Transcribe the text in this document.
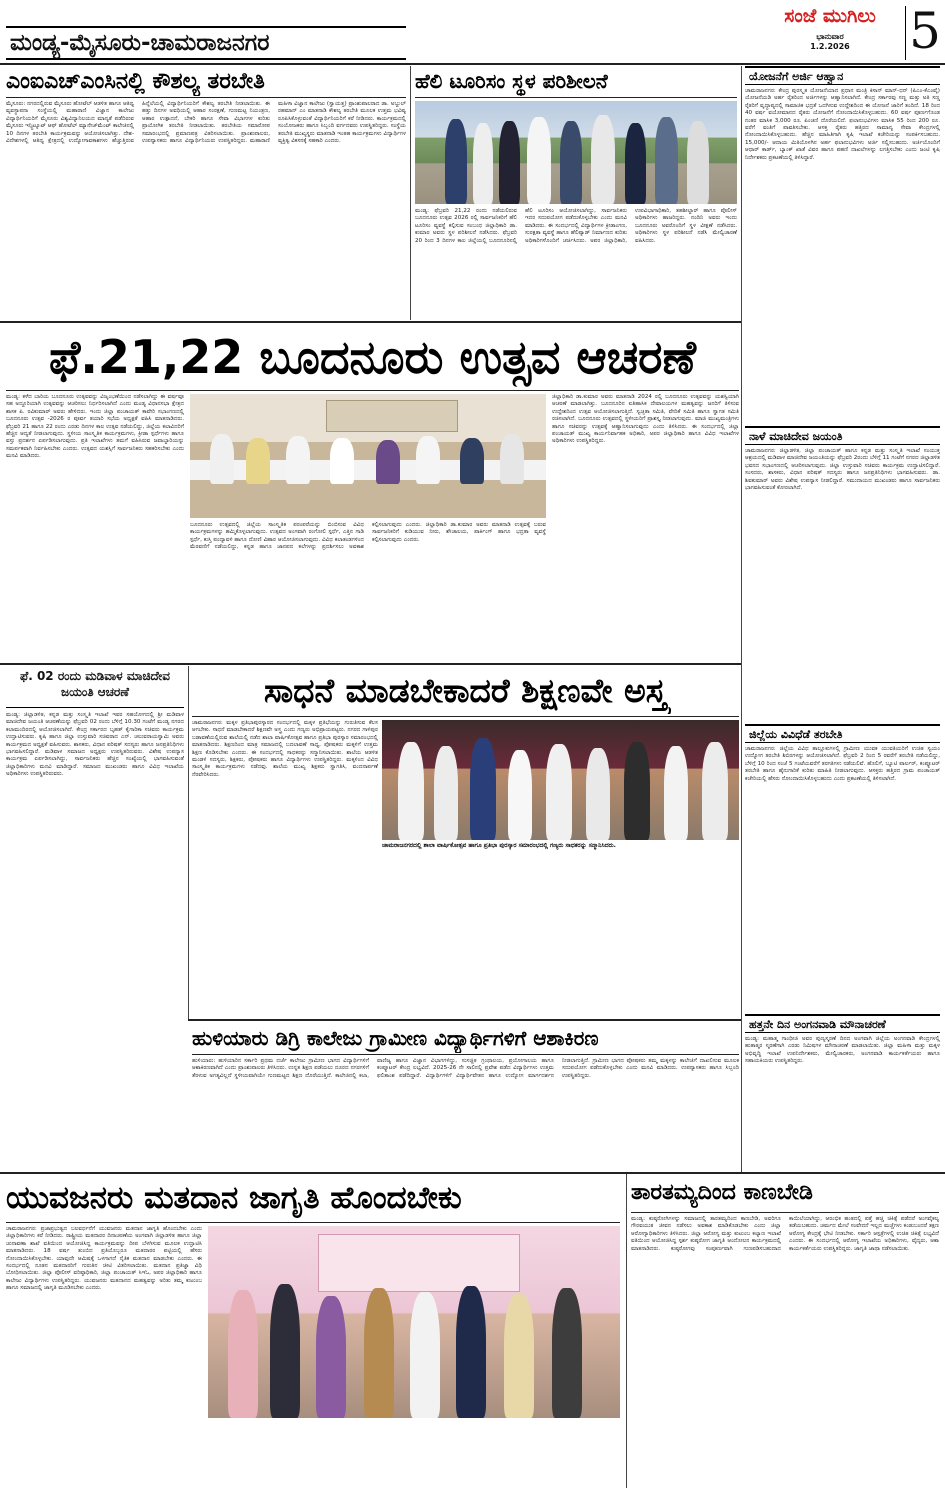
ಮಂಡ್ಯ-ಮೈಸೂರು-ಚಾಮರಾಜನಗರ
ಸಂಜೆ ಮುಗಿಲು
ಭಾನುವಾರ
1.2.2026	5
ಎಂಐಎಚ್ಎಂಸಿನಲ್ಲಿ ಕೌಶಲ್ಯ ತರಬೇತಿ
ಮೈಸೂರು: ನಗರದಲ್ಲಿರುವ ಮೈಸೂರು ಹೋಟೆಲ್ ಆಡಳಿತ ಹಾಗೂ ಆತಿಥ್ಯ ವ್ಯವಸ್ಥಾಪನಾ ಸಂಸ್ಥೆಯಲ್ಲಿ ಮಹಾರಾಣಿ ವಿಜ್ಞಾನ ಕಾಲೇಜು ವಿದ್ಯಾರ್ಥಿನಿಯರಿಗೆ ಮೈಸೂರು ವಿಶ್ವವಿದ್ಯಾನಿಲಯದ ಮಾನ್ಯತೆ ಪಡೆದಿರುವ ಮೈಸೂರು ಇನ್ಸ್ಟಿಟ್ಯೂಟ್ ಆಫ್ ಹೋಟೆಲ್ ಮ್ಯಾನೇಜ್‌ಮೆಂಟ್ ಕಾಲೇಜಿನಲ್ಲಿ 10 ದಿನಗಳ ತರಬೇತಿ ಕಾರ್ಯಕ್ರಮವನ್ನು ಆಯೋಜಿಸಲಾಗಿತ್ತು. ದೇಶ-ವಿದೇಶಗಳಲ್ಲಿ ಆತಿಥ್ಯ ಕ್ಷೇತ್ರದಲ್ಲಿ ಉದ್ಯೋಗಾವಕಾಶಗಳು ಹೆಚ್ಚುತ್ತಿರುವ ಹಿನ್ನೆಲೆಯಲ್ಲಿ ವಿದ್ಯಾರ್ಥಿನಿಯರಿಗೆ ಕೌಶಲ್ಯ ತರಬೇತಿ ನೀಡಲಾಯಿತು. ಈ ಹತ್ತು ದಿನಗಳ ಅವಧಿಯಲ್ಲಿ ಆಹಾರ ಸಂರಕ್ಷಣೆ, ಗುಣಮಟ್ಟ ನಿಯಂತ್ರಣ, ಆಹಾರ ಉತ್ಪಾದನೆ, ಬೇಕರಿ ಹಾಗೂ ಸೇವಾ ವಿಭಾಗಗಳ ಕುರಿತು ಪ್ರಾಯೋಗಿಕ ತರಬೇತಿ ನೀಡಲಾಯಿತು. ತರಬೇತಿಯ ಸಮಾರೋಪ ಸಮಾರಂಭದಲ್ಲಿ ಪ್ರಮಾಣಪತ್ರ ವಿತರಿಸಲಾಯಿತು. ಪ್ರಾಂಶುಪಾಲರು, ಉಪನ್ಯಾಸಕರು ಹಾಗೂ ವಿದ್ಯಾರ್ಥಿನಿಯರು ಉಪಸ್ಥಿತರಿದ್ದರು. ಮಹಾರಾಣಿ ಮಹಿಳಾ ವಿಜ್ಞಾನ ಕಾಲೇಜು (ಸ್ವಾಯತ್ತ) ಪ್ರಾಂಶುಪಾಲರಾದ ಡಾ. ಅಬ್ದುಲ್ ರಹಮಾನ್ ಎಂ ಮಾತನಾಡಿ ಕೌಶಲ್ಯ ತರಬೇತಿ ಮೂಲಕ ಉತ್ತಮ ಭವಿಷ್ಯ ರೂಪಿಸಿಕೊಳ್ಳುವಂತೆ ವಿದ್ಯಾರ್ಥಿನಿಯರಿಗೆ ಕರೆ ನೀಡಿದರು. ಕಾರ್ಯಕ್ರಮದಲ್ಲಿ ಸಂಯೋಜಕರು ಹಾಗೂ ಸಿಬ್ಬಂದಿ ವರ್ಗದವರು ಉಪಸ್ಥಿತರಿದ್ದರು. ಸಂಸ್ಥೆಯ ತರಬೇತಿ ಮುಖ್ಯಸ್ಥರು ಮಾತನಾಡಿ ಇಂತಹ ಕಾರ್ಯಕ್ರಮಗಳು ವಿದ್ಯಾರ್ಥಿಗಳ ವ್ಯಕ್ತಿತ್ವ ವಿಕಸನಕ್ಕೆ ಸಹಕಾರಿ ಎಂದರು.
ಹೆಲಿ ಟೂರಿಸಂ ಸ್ಥಳ ಪರಿಶೀಲನೆ
ಮಂಡ್ಯ: ಫೆಬ್ರವರಿ 21,22 ರಂದು ನಡೆಯಲಿರುವ ಬೂದನೂರು ಉತ್ಸವ 2026 ರಲ್ಲಿ ಸಾರ್ವಜನಿಕರಿಗೆ ಹೆಲಿ ಟೂರಿಸಂ ವ್ಯವಸ್ಥೆ ಕಲ್ಪಿಸುವ ಸಂಬಂಧ ಜಿಲ್ಲಾಧಿಕಾರಿ ಡಾ. ಕುಮಾರ ಅವರು ಸ್ಥಳ ಪರಿಶೀಲನೆ ನಡೆಸಿದರು. ಫೆಬ್ರವರಿ 20 ರಿಂದ 3 ದಿನಗಳ ಕಾಲ ಜಿಲ್ಲೆಯಲ್ಲಿ ಬೂದನೂರಿನಲ್ಲಿ ಹೆಲಿ ಟೂರಿಸಂ ಆಯೋಜಿಸಲಾಗಿದ್ದು, ಸಾರ್ವಜನಿಕರು ಇದರ ಸದುಪಯೋಗ ಪಡೆದುಕೊಳ್ಳಬೇಕು ಎಂದು ಮನವಿ ಮಾಡಿದರು. ಈ ಸಂದರ್ಭದಲ್ಲಿ ವಿದ್ಯಾರ್ಥಿಗಳ ಕ್ರೀಡಾಂಗಣ, ಸುರಕ್ಷತಾ ವ್ಯವಸ್ಥೆ ಹಾಗೂ ಹೆಲಿಪ್ಯಾಡ್ ನಿರ್ಮಾಣದ ಕುರಿತು ಅಧಿಕಾರಿಗಳೊಂದಿಗೆ ಚರ್ಚಿಸಿದರು. ಅಪರ ಜಿಲ್ಲಾಧಿಕಾರಿ, ಉಪವಿಭಾಗಾಧಿಕಾರಿ, ತಹಶೀಲ್ದಾರ್ ಹಾಗೂ ಪೊಲೀಸ್ ಅಧಿಕಾರಿಗಳು ಹಾಜರಿದ್ದರು. ನಂದಿನಿ ಅವರು ಇಂದು ಬೂದನೂರು ಅವರೊಂದಿಗೆ ಸ್ಥಳ ವೀಕ್ಷಣೆ ನಡೆಸಿದರು. ಅಧಿಕಾರಿಗಳು ಸ್ಥಳ ಪರಿಶೀಲನೆ ನಡೆಸಿ ಮೇಲ್ವಿಚಾರಣೆ ವಹಿಸಿದರು.
ಯೋಜನೆಗೆ ಅರ್ಜಿ ಆಹ್ವಾನ
ಚಾಮರಾಜನಗರ: ಕೇಂದ್ರ ಪುರಸ್ಕೃತ ಯೋಜನೆಯಾದ ಪ್ರಧಾನ ಮಂತ್ರಿ ಕಿಸಾನ್ ಮಾನ್-ಧನ್ (ಪಿಎಂ-ಕೆಎಂವೈ) ಯೋಜನೆಯಡಿ ಅರ್ಹ ರೈತರಿಂದ ಅರ್ಜಿಗಳನ್ನು ಆಹ್ವಾನಿಸಲಾಗಿದೆ. ಕೇಂದ್ರ ಸರ್ಕಾರವು ಸಣ್ಣ ಮತ್ತು ಅತಿ ಸಣ್ಣ ರೈತರಿಗೆ ವೃದ್ಧಾಪ್ಯದಲ್ಲಿ ಸಾಮಾಜಿಕ ಭದ್ರತೆ ಒದಗಿಸುವ ಉದ್ದೇಶದಿಂದ ಈ ಯೋಜನೆ ಜಾರಿಗೆ ತಂದಿದೆ. 18 ರಿಂದ 40 ವರ್ಷ ವಯೋಮಾನದ ರೈತರು ಯೋಜನೆಗೆ ನೋಂದಾಯಿಸಿಕೊಳ್ಳಬಹುದು. 60 ವರ್ಷ ಪೂರ್ಣಗೊಂಡ ನಂತರ ಮಾಸಿಕ 3,000 ರೂ. ಪಿಂಚಣಿ ದೊರೆಯಲಿದೆ. ಫಲಾನುಭವಿಗಳು ಮಾಸಿಕ 55 ರಿಂದ 200 ರೂ. ವರೆಗೆ ವಂತಿಗೆ ಪಾವತಿಸಬೇಕು. ಆಸಕ್ತ ರೈತರು ಹತ್ತಿರದ ಸಾಮಾನ್ಯ ಸೇವಾ ಕೇಂದ್ರಗಳಲ್ಲಿ ನೋಂದಾಯಿಸಿಕೊಳ್ಳಬಹುದು. ಹೆಚ್ಚಿನ ಮಾಹಿತಿಗಾಗಿ ಕೃಷಿ ಇಲಾಖೆ ಕಚೇರಿಯನ್ನು ಸಂಪರ್ಕಿಸಬಹುದು. 15,000/- ಆದಾಯ ಮಿತಿಯೊಳಗಿನ ಅರ್ಹ ಫಲಾನುಭವಿಗಳು ಅರ್ಜಿ ಸಲ್ಲಿಸಬಹುದು. ಅರ್ಜಿಯೊಂದಿಗೆ ಆಧಾರ್ ಕಾರ್ಡ್, ಬ್ಯಾಂಕ್ ಖಾತೆ ವಿವರ ಹಾಗೂ ಪಹಣಿ ದಾಖಲೆಗಳನ್ನು ಲಗತ್ತಿಸಬೇಕು ಎಂದು ಜಂಟಿ ಕೃಷಿ ನಿರ್ದೇಶಕರು ಪ್ರಕಟಣೆಯಲ್ಲಿ ತಿಳಿಸಿದ್ದಾರೆ.
ನಾಳೆ ಮಾಚಿದೇವ ಜಯಂತಿ
ಚಾಮರಾಜನಗರ: ಜಿಲ್ಲಾಡಳಿತ, ಜಿಲ್ಲಾ ಪಂಚಾಯತ್ ಹಾಗೂ ಕನ್ನಡ ಮತ್ತು ಸಂಸ್ಕೃತಿ ಇಲಾಖೆ ಸಂಯುಕ್ತ ಆಶ್ರಯದಲ್ಲಿ ಮಡಿವಾಳ ಮಾಚಿದೇವ ಜಯಂತಿಯನ್ನು ಫೆಬ್ರವರಿ 2ರಂದು ಬೆಳಿಗ್ಗೆ 11 ಗಂಟೆಗೆ ನಗರದ ಜಿಲ್ಲಾಡಳಿತ ಭವನದ ಸಭಾಂಗಣದಲ್ಲಿ ಆಚರಿಸಲಾಗುವುದು. ಜಿಲ್ಲಾ ಉಸ್ತುವಾರಿ ಸಚಿವರು ಕಾರ್ಯಕ್ರಮ ಉದ್ಘಾಟಿಸಲಿದ್ದಾರೆ. ಸಂಸದರು, ಶಾಸಕರು, ವಿಧಾನ ಪರಿಷತ್ ಸದಸ್ಯರು ಹಾಗೂ ಜನಪ್ರತಿನಿಧಿಗಳು ಭಾಗವಹಿಸುವರು. ಡಾ. ಶಿವಕುಮಾರ್ ಅವರು ವಿಶೇಷ ಉಪನ್ಯಾಸ ನೀಡಲಿದ್ದಾರೆ. ಸಮುದಾಯದ ಮುಖಂಡರು ಹಾಗೂ ಸಾರ್ವಜನಿಕರು ಭಾಗವಹಿಸುವಂತೆ ಕೋರಲಾಗಿದೆ.
ಜಿಲ್ಲೆಯ ವಿವಿಧೆಡೆ ತರಬೇತಿ
ಚಾಮರಾಜನಗರ: ಜಿಲ್ಲೆಯ ವಿವಿಧ ತಾಲ್ಲೂಕುಗಳಲ್ಲಿ ಗ್ರಾಮೀಣ ಯುವಕ ಯುವತಿಯರಿಗೆ ಉಚಿತ ಸ್ವಯಂ ಉದ್ಯೋಗ ತರಬೇತಿ ಶಿಬಿರಗಳನ್ನು ಆಯೋಜಿಸಲಾಗಿದೆ. ಫೆಬ್ರವರಿ 2 ರಿಂದ 5 ರವರೆಗೆ ತರಬೇತಿ ನಡೆಯಲಿದ್ದು, ಬೆಳಿಗ್ಗೆ 10 ರಿಂದ ಸಂಜೆ 5 ಗಂಟೆಯವರೆಗೆ ತರಗತಿಗಳು ನಡೆಯಲಿವೆ. ಹೊಲಿಗೆ, ಬ್ಯೂಟಿ ಪಾರ್ಲರ್, ಕಂಪ್ಯೂಟರ್ ತರಬೇತಿ ಹಾಗೂ ಹೈನುಗಾರಿಕೆ ಕುರಿತು ಮಾಹಿತಿ ನೀಡಲಾಗುವುದು. ಆಸಕ್ತರು ಹತ್ತಿರದ ಗ್ರಾಮ ಪಂಚಾಯತ್ ಕಚೇರಿಯಲ್ಲಿ ಹೆಸರು ನೋಂದಾಯಿಸಿಕೊಳ್ಳಬಹುದು ಎಂದು ಪ್ರಕಟಣೆಯಲ್ಲಿ ತಿಳಿಸಲಾಗಿದೆ.
ಹತ್ತನೇ ದಿನ ಅಂಗನವಾಡಿ ಮೌನಾಚರಣೆ
ಮಂಡ್ಯ: ಮಹಾತ್ಮ ಗಾಂಧೀಜಿ ಅವರ ಪುಣ್ಯಸ್ಮರಣೆ ದಿನದ ಅಂಗವಾಗಿ ಜಿಲ್ಲೆಯ ಅಂಗನವಾಡಿ ಕೇಂದ್ರಗಳಲ್ಲಿ ಹುತಾತ್ಮರ ಸ್ಮರಣೆಗಾಗಿ ಎರಡು ನಿಮಿಷಗಳ ಮೌನಾಚರಣೆ ಮಾಡಲಾಯಿತು. ಜಿಲ್ಲಾ ಮಹಿಳಾ ಮತ್ತು ಮಕ್ಕಳ ಅಭಿವೃದ್ಧಿ ಇಲಾಖೆ ಉಪನಿರ್ದೇಶಕರು, ಮೇಲ್ವಿಚಾರಕರು, ಅಂಗನವಾಡಿ ಕಾರ್ಯಕರ್ತೆಯರು ಹಾಗೂ ಸಹಾಯಕಿಯರು ಉಪಸ್ಥಿತರಿದ್ದರು.
ಫೆ.21,22 ಬೂದನೂರು ಉತ್ಸವ ಆಚರಣೆ
ಮಂಡ್ಯ: ಕಳೆದ ಬಾರಿಯ ಬೂದನೂರು ಉತ್ಸವವನ್ನು ವಿಜೃಂಭಣೆಯಿಂದ ನಡೆಸಲಾಗಿದ್ದು ಈ ವರ್ಷವೂ ಸಹ ಅದ್ದೂರಿಯಾಗಿ ಉತ್ಸವವನ್ನು ಆಚರಿಸಲು ನಿರ್ಧರಿಸಲಾಗಿದೆ ಎಂದು ಮಂಡ್ಯ ವಿಧಾನಸಭಾ ಕ್ಷೇತ್ರದ ಶಾಸಕ ಪಿ. ರವಿಕುಮಾರ್ ಅವರು ಹೇಳಿದರು. ಇಂದು ಜಿಲ್ಲಾ ಪಂಚಾಯತ್ ಕಾವೇರಿ ಸಭಾಂಗಣದಲ್ಲಿ ಬೂದನೂರು ಉತ್ಸವ -2026 ರ ಪೂರ್ವ ತಯಾರಿ ಸಭೆಯ ಅಧ್ಯಕ್ಷತೆ ವಹಿಸಿ ಮಾತನಾಡಿದರು. ಫೆಬ್ರವರಿ 21 ಹಾಗೂ 22 ರಂದು ಎರಡು ದಿನಗಳ ಕಾಲ ಉತ್ಸವ ನಡೆಯಲಿದ್ದು, ಜಿಲ್ಲೆಯ ಕಲಾವಿದರಿಗೆ ಹೆಚ್ಚಿನ ಆದ್ಯತೆ ನೀಡಲಾಗುವುದು. ಸ್ಥಳೀಯ ಸಾಂಸ್ಕೃತಿಕ ಕಾರ್ಯಕ್ರಮಗಳು, ಕ್ರೀಡಾ ಸ್ಪರ್ಧೆಗಳು ಹಾಗೂ ವಸ್ತು ಪ್ರದರ್ಶನ ಏರ್ಪಡಿಸಲಾಗುವುದು. ಪ್ರತಿ ಇಲಾಖೆಗಳು ತಮಗೆ ವಹಿಸಿರುವ ಜವಾಬ್ದಾರಿಯನ್ನು ಸಮರ್ಪಕವಾಗಿ ನಿರ್ವಹಿಸಬೇಕು ಎಂದರು. ಉತ್ಸವದ ಯಶಸ್ಸಿಗೆ ಸಾರ್ವಜನಿಕರು ಸಹಕರಿಸಬೇಕು ಎಂದು ಮನವಿ ಮಾಡಿದರು.
ಬೂದನೂರು ಉತ್ಸವದಲ್ಲಿ ಜಿಲ್ಲೆಯ ಸಾಂಸ್ಕೃತಿಕ ಪರಂಪರೆಯನ್ನು ಬಿಂಬಿಸುವ ವಿವಿಧ ಕಾರ್ಯಕ್ರಮಗಳನ್ನು ಹಮ್ಮಿಕೊಳ್ಳಲಾಗುವುದು. ಉತ್ಸವದ ಅಂಗವಾಗಿ ರಂಗೋಲಿ ಸ್ಪರ್ಧೆ, ಎತ್ತಿನ ಗಾಡಿ ಸ್ಪರ್ಧೆ, ಕುಸ್ತಿ ಪಂದ್ಯಾವಳಿ ಹಾಗೂ ದೋಣಿ ವಿಹಾರ ಆಯೋಜಿಸಲಾಗುವುದು. ವಿವಿಧ ಕಲಾತಂಡಗಳಿಂದ ಮೆರವಣಿಗೆ ನಡೆಯಲಿದ್ದು, ಕನ್ನಡ ಹಾಗೂ ಜಾನಪದ ಕಲೆಗಳನ್ನು ಪ್ರದರ್ಶಿಸಲು ಅವಕಾಶ ಕಲ್ಪಿಸಲಾಗುವುದು ಎಂದರು. ಜಿಲ್ಲಾಧಿಕಾರಿ ಡಾ.ಕುಮಾರ ಅವರು ಮಾತನಾಡಿ ಉತ್ಸವಕ್ಕೆ ಬರುವ ಸಾರ್ವಜನಿಕರಿಗೆ ಕುಡಿಯುವ ನೀರು, ಶೌಚಾಲಯ, ಪಾರ್ಕಿಂಗ್ ಹಾಗೂ ಭದ್ರತಾ ವ್ಯವಸ್ಥೆ ಕಲ್ಪಿಸಲಾಗುವುದು ಎಂದರು.
ಜಿಲ್ಲಾಧಿಕಾರಿ ಡಾ.ಕುಮಾರ ಅವರು ಮಾತನಾಡಿ 2024 ರಲ್ಲಿ ಬೂದನೂರು ಉತ್ಸವವನ್ನು ಯಶಸ್ವಿಯಾಗಿ ಆಚರಣೆ ಮಾಡಲಾಗಿತ್ತು. ಬೂದನೂರಿನ ಐತಿಹಾಸಿಕ ದೇವಾಲಯಗಳ ಮಹತ್ವವನ್ನು ಜನರಿಗೆ ತಿಳಿಸುವ ಉದ್ದೇಶದಿಂದ ಉತ್ಸವ ಆಯೋಜಿಸಲಾಗುತ್ತಿದೆ. ಸ್ವಚ್ಛತಾ ಸಮಿತಿ, ವೇದಿಕೆ ಸಮಿತಿ ಹಾಗೂ ಸ್ವಾಗತ ಸಮಿತಿ ರಚಿಸಲಾಗಿದೆ. ಬೂದನೂರು ಉತ್ಸವದಲ್ಲಿ ಸ್ಥಳೀಯರಿಗೆ ಪ್ರಾಶಸ್ತ್ಯ ನೀಡಲಾಗುವುದು. ಮಾಜಿ ಮುಖ್ಯಮಂತ್ರಿಗಳು ಹಾಗೂ ಸಚಿವರನ್ನು ಉತ್ಸವಕ್ಕೆ ಆಹ್ವಾನಿಸಲಾಗುವುದು ಎಂದು ತಿಳಿಸಿದರು. ಈ ಸಂದರ್ಭದಲ್ಲಿ ಜಿಲ್ಲಾ ಪಂಚಾಯತ್ ಮುಖ್ಯ ಕಾರ್ಯನಿರ್ವಾಹಕ ಅಧಿಕಾರಿ, ಅಪರ ಜಿಲ್ಲಾಧಿಕಾರಿ ಹಾಗೂ ವಿವಿಧ ಇಲಾಖೆಗಳ ಅಧಿಕಾರಿಗಳು ಉಪಸ್ಥಿತರಿದ್ದರು.
ಫೆ. 02 ರಂದು ಮಡಿವಾಳ ಮಾಚಿದೇವ ಜಯಂತಿ ಆಚರಣೆ
ಮಂಡ್ಯ: ಜಿಲ್ಲಾಡಳಿತ, ಕನ್ನಡ ಮತ್ತು ಸಂಸ್ಕೃತಿ ಇಲಾಖೆ ಇವರ ಸಹಯೋಗದಲ್ಲಿ ಶ್ರೀ ಮಡಿವಾಳ ಮಾಚಿದೇವ ಜಯಂತಿ ಆಚರಣೆಯನ್ನು ಫೆಬ್ರವರಿ 02 ರಂದು ಬೆಳಿಗ್ಗೆ 10.30 ಗಂಟೆಗೆ ಮಂಡ್ಯ ನಗರದ ಕಲಾಮಂದಿರದಲ್ಲಿ ಆಯೋಜಿಸಲಾಗಿದೆ. ಕೇಂದ್ರ ಸರ್ಕಾರದ ಬೃಹತ್ ಕೈಗಾರಿಕಾ ಸಚಿವರು ಕಾರ್ಯಕ್ರಮ ಉದ್ಘಾಟಿಸುವರು. ಕೃಷಿ ಹಾಗೂ ಜಿಲ್ಲಾ ಉಸ್ತುವಾರಿ ಸಚಿವರಾದ ಎನ್. ಚಲುವರಾಯಸ್ವಾಮಿ ಅವರು ಕಾರ್ಯಕ್ರಮದ ಅಧ್ಯಕ್ಷತೆ ವಹಿಸುವರು. ಶಾಸಕರು, ವಿಧಾನ ಪರಿಷತ್ ಸದಸ್ಯರು ಹಾಗೂ ಜನಪ್ರತಿನಿಧಿಗಳು ಭಾಗವಹಿಸಲಿದ್ದಾರೆ. ಮಡಿವಾಳ ಸಮಾಜದ ಅಧ್ಯಕ್ಷರು ಉಪಸ್ಥಿತರಿರುವರು. ವಿಶೇಷ ಉಪನ್ಯಾಸ ಕಾರ್ಯಕ್ರಮ ಏರ್ಪಡಿಸಲಾಗಿದ್ದು, ಸಾರ್ವಜನಿಕರು ಹೆಚ್ಚಿನ ಸಂಖ್ಯೆಯಲ್ಲಿ ಭಾಗವಹಿಸುವಂತೆ ಜಿಲ್ಲಾಧಿಕಾರಿಗಳು ಮನವಿ ಮಾಡಿದ್ದಾರೆ. ಸಮಾಜದ ಮುಖಂಡರು ಹಾಗೂ ವಿವಿಧ ಇಲಾಖೆಯ ಅಧಿಕಾರಿಗಳು ಉಪಸ್ಥಿತರಿರುವರು.
ಸಾಧನೆ ಮಾಡಬೇಕಾದರೆ ಶಿಕ್ಷಣವೇ ಅಸ್ತ್ರ
ಚಾಮರಾಜನಗರ: ಮಕ್ಕಳ ಪ್ರತಿಭಾಪುರಸ್ಕಾರದ ಸಂದರ್ಭದಲ್ಲಿ ಮಕ್ಕಳ ಪ್ರತಿಭೆಯನ್ನು ಗುರುತಿಸುವ ಕೆಲಸ ಆಗಬೇಕು. ಸಾಧನೆ ಮಾಡಬೇಕಾದರೆ ಶಿಕ್ಷಣವೇ ಅಸ್ತ್ರ ಎಂದು ಗಣ್ಯರು ಅಭಿಪ್ರಾಯಪಟ್ಟರು. ನಗರದ ಗಾಳಿಪುರ ಬಡಾವಣೆಯಲ್ಲಿರುವ ಶಾಲೆಯಲ್ಲಿ ನಡೆದ ಶಾಲಾ ವಾರ್ಷಿಕೋತ್ಸವ ಹಾಗೂ ಪ್ರತಿಭಾ ಪುರಸ್ಕಾರ ಸಮಾರಂಭದಲ್ಲಿ ಮಾತನಾಡಿದರು. ಶಿಕ್ಷಣದಿಂದ ಮಾತ್ರ ಸಮಾಜದಲ್ಲಿ ಬದಲಾವಣೆ ಸಾಧ್ಯ, ಪೋಷಕರು ಮಕ್ಕಳಿಗೆ ಉತ್ತಮ ಶಿಕ್ಷಣ ಕೊಡಿಸಬೇಕು ಎಂದರು. ಈ ಸಂದರ್ಭದಲ್ಲಿ ಸಾಧಕರನ್ನು ಸನ್ಮಾನಿಸಲಾಯಿತು. ಶಾಲೆಯ ಆಡಳಿತ ಮಂಡಳಿ ಸದಸ್ಯರು, ಶಿಕ್ಷಕರು, ಪೋಷಕರು ಹಾಗೂ ವಿದ್ಯಾರ್ಥಿಗಳು ಉಪಸ್ಥಿತರಿದ್ದರು. ಮಕ್ಕಳಿಂದ ವಿವಿಧ ಸಾಂಸ್ಕೃತಿಕ ಕಾರ್ಯಕ್ರಮಗಳು ನಡೆದವು. ಶಾಲೆಯ ಮುಖ್ಯ ಶಿಕ್ಷಕರು ಸ್ವಾಗತಿಸಿ, ವಂದನಾರ್ಪಣೆ ನೆರವೇರಿಸಿದರು.
ಚಾಮರಾಜನಗರದಲ್ಲಿ ಶಾಲಾ ವಾರ್ಷಿಕೋತ್ಸವ ಹಾಗೂ ಪ್ರತಿಭಾ ಪುರಸ್ಕಾರ ಸಮಾರಂಭದಲ್ಲಿ ಗಣ್ಯರು ಸಾಧಕರನ್ನು ಸನ್ಮಾನಿಸಿದರು.
ಹುಳಿಯಾರು ಡಿಗ್ರಿ ಕಾಲೇಜು ಗ್ರಾಮೀಣ ವಿದ್ಯಾರ್ಥಿಗಳಿಗೆ ಆಶಾಕಿರಣ
ಹುಳಿಯಾರು: ಹುಳಿಯಾರಿನ ಸರ್ಕಾರಿ ಪ್ರಥಮ ದರ್ಜೆ ಕಾಲೇಜು ಗ್ರಾಮೀಣ ಭಾಗದ ವಿದ್ಯಾರ್ಥಿಗಳಿಗೆ ಆಶಾಕಿರಣವಾಗಿದೆ ಎಂದು ಪ್ರಾಂಶುಪಾಲರು ತಿಳಿಸಿದರು. ಉನ್ನತ ಶಿಕ್ಷಣ ಪಡೆಯಲು ದೂರದ ನಗರಗಳಿಗೆ ತೆರಳುವ ಅಗತ್ಯವಿಲ್ಲದೆ ಸ್ಥಳೀಯವಾಗಿಯೇ ಗುಣಮಟ್ಟದ ಶಿಕ್ಷಣ ದೊರೆಯುತ್ತಿದೆ. ಕಾಲೇಜಿನಲ್ಲಿ ಕಲಾ, ವಾಣಿಜ್ಯ ಹಾಗೂ ವಿಜ್ಞಾನ ವಿಭಾಗಗಳಿದ್ದು, ಸುಸಜ್ಜಿತ ಗ್ರಂಥಾಲಯ, ಪ್ರಯೋಗಾಲಯ ಹಾಗೂ ಕಂಪ್ಯೂಟರ್ ಕೇಂದ್ರ ಲಭ್ಯವಿದೆ. 2025-26 ನೇ ಸಾಲಿನಲ್ಲಿ ಪ್ರವೇಶ ಪಡೆದ ವಿದ್ಯಾರ್ಥಿಗಳು ಉತ್ತಮ ಫಲಿತಾಂಶ ಪಡೆದಿದ್ದಾರೆ. ವಿದ್ಯಾರ್ಥಿಗಳಿಗೆ ವಿದ್ಯಾರ್ಥಿವೇತನ ಹಾಗೂ ಉದ್ಯೋಗ ಮಾರ್ಗದರ್ಶನ ನೀಡಲಾಗುತ್ತಿದೆ. ಗ್ರಾಮೀಣ ಭಾಗದ ಪೋಷಕರು ತಮ್ಮ ಮಕ್ಕಳನ್ನು ಕಾಲೇಜಿಗೆ ದಾಖಲಿಸುವ ಮೂಲಕ ಸದುಪಯೋಗ ಪಡೆದುಕೊಳ್ಳಬೇಕು ಎಂದು ಮನವಿ ಮಾಡಿದರು. ಉಪನ್ಯಾಸಕರು ಹಾಗೂ ಸಿಬ್ಬಂದಿ ಉಪಸ್ಥಿತರಿದ್ದರು.
ಯುವಜನರು ಮತದಾನ ಜಾಗೃತಿ ಹೊಂದಬೇಕು
ಚಾಮರಾಜನಗರ: ಪ್ರಜಾಪ್ರಭುತ್ವದ ಬಲವರ್ಧನೆಗೆ ಯುವಜನರು ಮತದಾನ ಜಾಗೃತಿ ಹೊಂದಬೇಕು ಎಂದು ಜಿಲ್ಲಾಧಿಕಾರಿಗಳು ಕರೆ ನೀಡಿದರು. ರಾಷ್ಟ್ರೀಯ ಮತದಾರರ ದಿನಾಚರಣೆಯ ಅಂಗವಾಗಿ ಜಿಲ್ಲಾಡಳಿತ ಹಾಗೂ ಜಿಲ್ಲಾ ಚುನಾವಣಾ ಶಾಖೆ ವತಿಯಿಂದ ಆಯೋಜಿಸಿದ್ದ ಕಾರ್ಯಕ್ರಮವನ್ನು ದೀಪ ಬೆಳಗಿಸುವ ಮೂಲಕ ಉದ್ಘಾಟಿಸಿ ಮಾತನಾಡಿದರು. 18 ವರ್ಷ ತುಂಬಿದ ಪ್ರತಿಯೊಬ್ಬರೂ ಮತದಾರರ ಪಟ್ಟಿಯಲ್ಲಿ ಹೆಸರು ನೋಂದಾಯಿಸಿಕೊಳ್ಳಬೇಕು. ಯಾವುದೇ ಆಮಿಷಕ್ಕೆ ಒಳಗಾಗದೆ ನೈತಿಕ ಮತದಾನ ಮಾಡಬೇಕು ಎಂದರು. ಈ ಸಂದರ್ಭದಲ್ಲಿ ನೂತನ ಮತದಾರರಿಗೆ ಗುರುತಿನ ಚೀಟಿ ವಿತರಿಸಲಾಯಿತು. ಮತದಾನ ಪ್ರತಿಜ್ಞಾ ವಿಧಿ ಬೋಧಿಸಲಾಯಿತು. ಜಿಲ್ಲಾ ಪೊಲೀಸ್ ವರಿಷ್ಠಾಧಿಕಾರಿ, ಜಿಲ್ಲಾ ಪಂಚಾಯತ್ ಸಿಇಓ, ಅಪರ ಜಿಲ್ಲಾಧಿಕಾರಿ ಹಾಗೂ ಕಾಲೇಜು ವಿದ್ಯಾರ್ಥಿಗಳು ಉಪಸ್ಥಿತರಿದ್ದರು. ಯುವಜನರು ಮತದಾನದ ಮಹತ್ವವನ್ನು ಅರಿತು ತಮ್ಮ ಕುಟುಂಬ ಹಾಗೂ ಸಮಾಜದಲ್ಲಿ ಜಾಗೃತಿ ಮೂಡಿಸಬೇಕು ಎಂದರು.
ತಾರತಮ್ಯದಿಂದ ಕಾಣಬೇಡಿ
ಮಂಡ್ಯ: ಕುಷ್ಠರೋಗಿಗಳನ್ನು ಸಮಾಜದಲ್ಲಿ ತಾರತಮ್ಯದಿಂದ ಕಾಣಬೇಡಿ, ಅವರಿಗೂ ಗೌರವಯುತ ಜೀವನ ನಡೆಸಲು ಅವಕಾಶ ಮಾಡಿಕೊಡಬೇಕು ಎಂದು ಜಿಲ್ಲಾ ಆರೋಗ್ಯಾಧಿಕಾರಿಗಳು ತಿಳಿಸಿದರು. ಜಿಲ್ಲಾ ಆರೋಗ್ಯ ಮತ್ತು ಕುಟುಂಬ ಕಲ್ಯಾಣ ಇಲಾಖೆ ವತಿಯಿಂದ ಆಯೋಜಿಸಿದ್ದ ಸ್ಪರ್ಶ ಕುಷ್ಠರೋಗ ಜಾಗೃತಿ ಆಂದೋಲನ ಕಾರ್ಯಕ್ರಮದಲ್ಲಿ ಮಾತನಾಡಿದರು. ಕುಷ್ಠರೋಗವು ಸಂಪೂರ್ಣವಾಗಿ ಗುಣಪಡಿಸಬಹುದಾದ ಕಾಯಿಲೆಯಾಗಿದ್ದು, ಆರಂಭಿಕ ಹಂತದಲ್ಲಿ ಪತ್ತೆ ಹಚ್ಚಿ ಚಿಕಿತ್ಸೆ ಪಡೆದರೆ ಅಂಗವೈಕಲ್ಯ ತಡೆಯಬಹುದು. ಚರ್ಮದ ಮೇಲೆ ಸಂವೇದನೆ ಇಲ್ಲದ ಮಚ್ಚೆಗಳು ಕಂಡುಬಂದರೆ ತಕ್ಷಣ ಆರೋಗ್ಯ ಕೇಂದ್ರಕ್ಕೆ ಭೇಟಿ ನೀಡಬೇಕು. ಸರ್ಕಾರಿ ಆಸ್ಪತ್ರೆಗಳಲ್ಲಿ ಉಚಿತ ಚಿಕಿತ್ಸೆ ಲಭ್ಯವಿದೆ ಎಂದರು. ಈ ಸಂದರ್ಭದಲ್ಲಿ ಆರೋಗ್ಯ ಇಲಾಖೆಯ ಅಧಿಕಾರಿಗಳು, ವೈದ್ಯರು, ಆಶಾ ಕಾರ್ಯಕರ್ತೆಯರು ಉಪಸ್ಥಿತರಿದ್ದರು. ಜಾಗೃತಿ ಜಾಥಾ ನಡೆಸಲಾಯಿತು.
